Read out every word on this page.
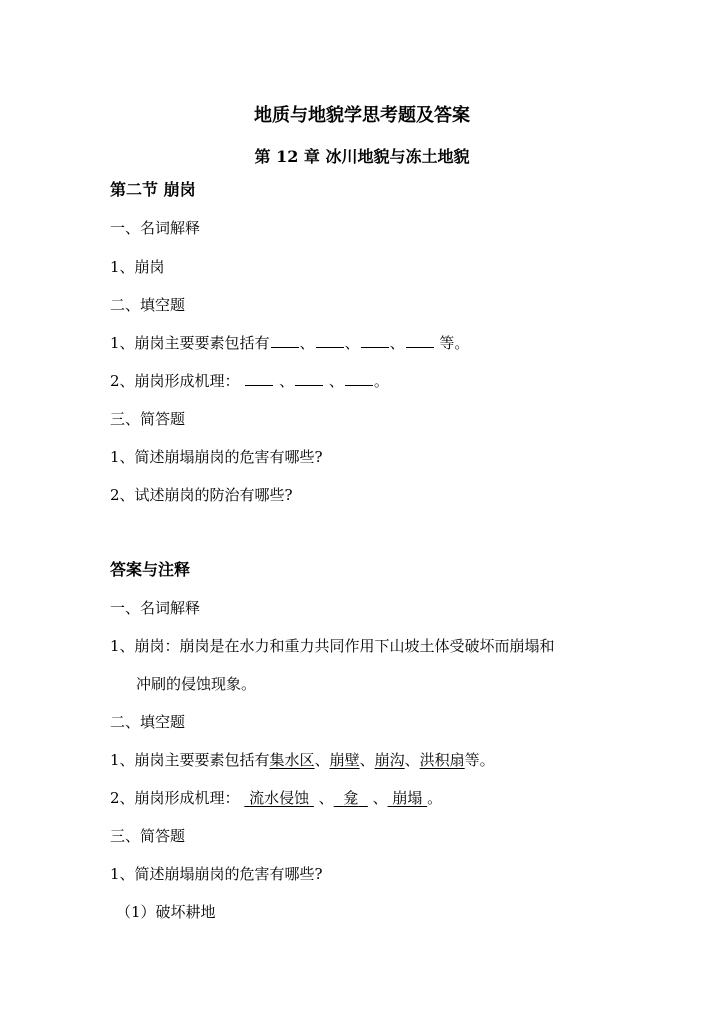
地质与地貌学思考题及答案
第 12 章 冰川地貌与冻土地貌
第二节 崩岗
一、名词解释
1、崩岗
二、填空题
1、崩岗主要要素包括有 、 、 、 等。
2、崩岗形成机理：  、 、 。
三、简答题
1、简述崩塌崩岗的危害有哪些?
2、试述崩岗的防治有哪些?
答案与注释
一、名词解释
1、崩岗：崩岗是在水力和重力共同作用下山坡土体受破坏而崩塌和
冲刷的侵蚀现象。
二、填空题
1、崩岗主要要素包括有集水区、崩壁、崩沟、洪积扇等。
2、崩岗形成机理： 流水侵蚀  、 龛   、 崩塌 。
三、简答题
1、简述崩塌崩岗的危害有哪些?
（1）破坏耕地
